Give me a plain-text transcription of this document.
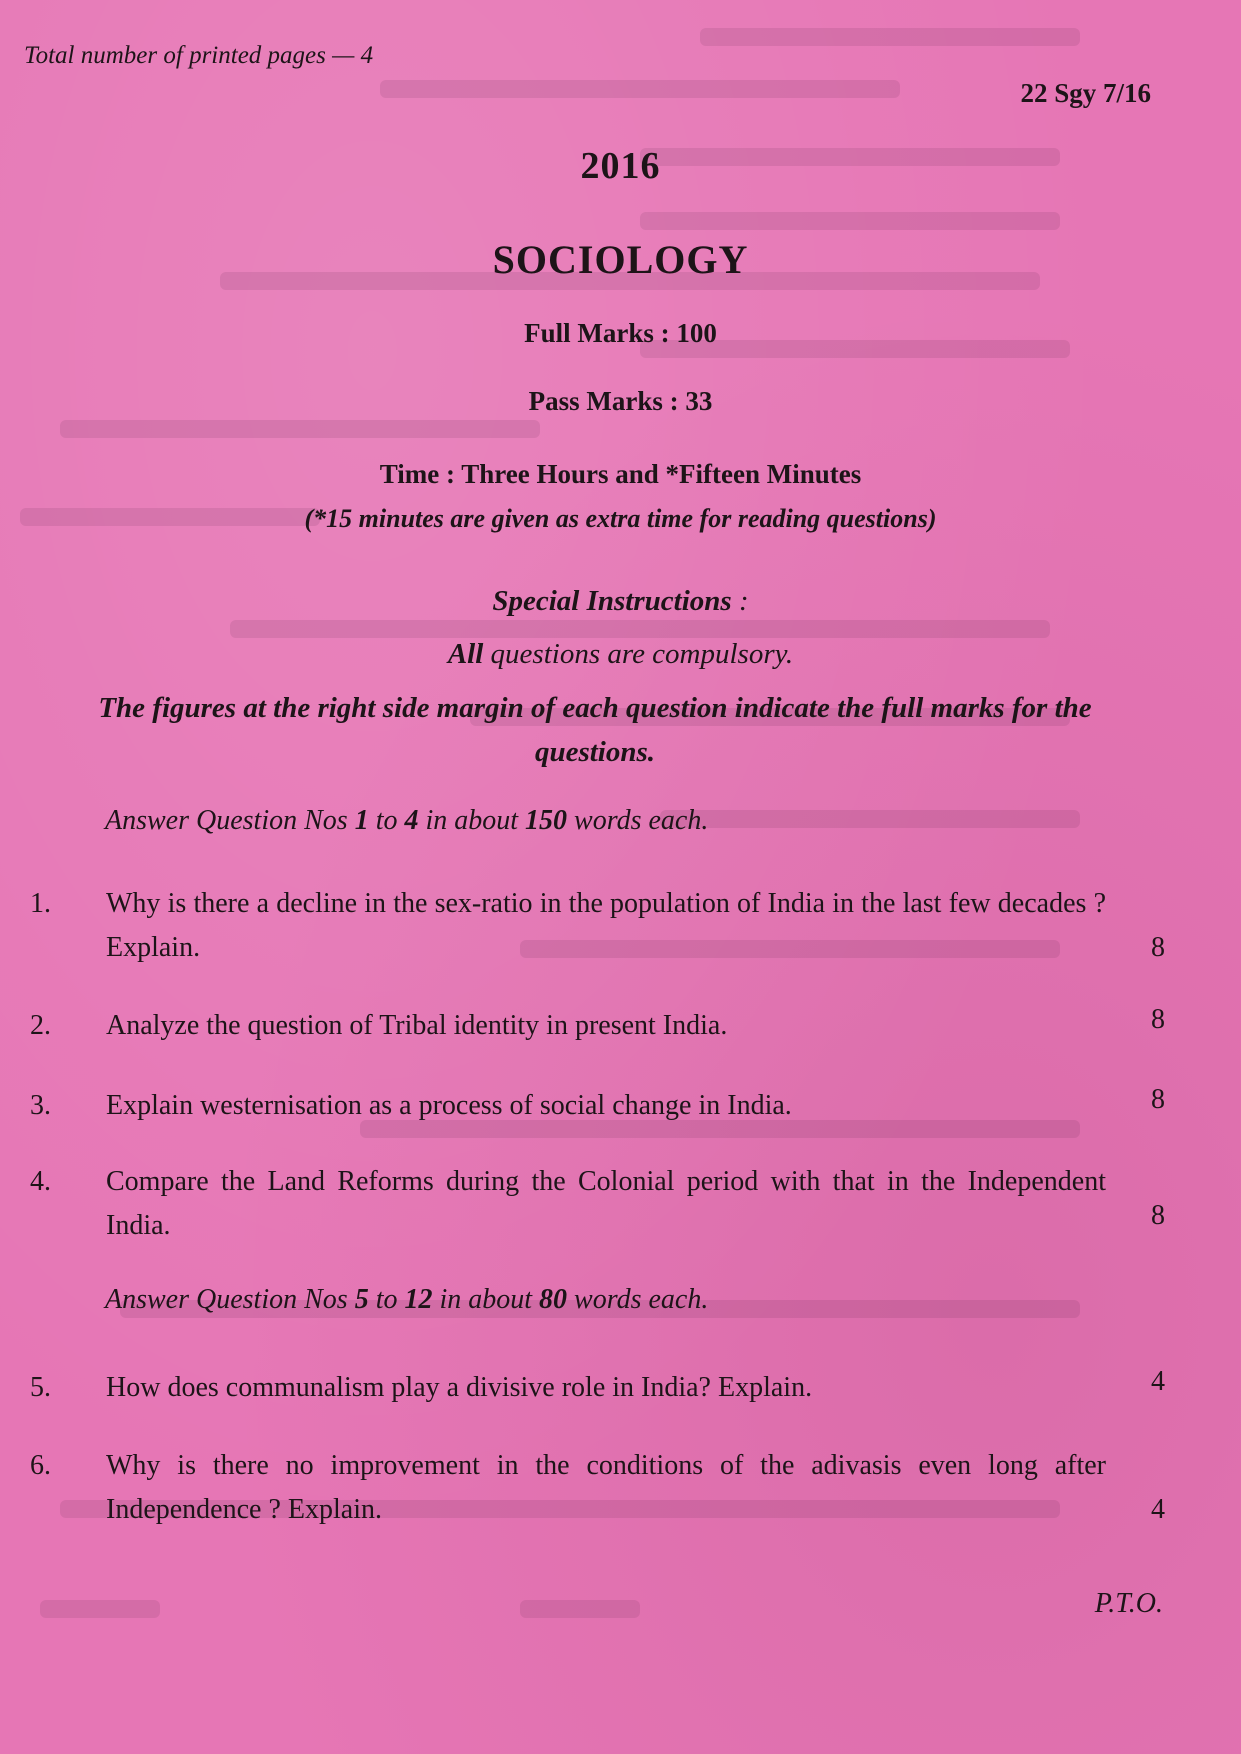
Total number of printed pages — 4
22 Sgy 7/16
2016
SOCIOLOGY
Full Marks : 100
Pass Marks : 33
Time : Three Hours and *Fifteen Minutes
(*15 minutes are given as extra time for reading questions)
Special Instructions :
All questions are compulsory.
The figures at the right side margin of each question indicate the full marks for the questions.
Answer Question Nos 1 to 4 in about 150 words each.
1.	Why is there a decline in the sex-ratio in the population of India in the last few decades ? Explain.	8
2.	Analyze the question of Tribal identity in present India.	8
3.	Explain westernisation as a process of social change in India.	8
4.	Compare the Land Reforms during the Colonial period with that in the Independent India.	8
Answer Question Nos 5 to 12 in about 80 words each.
5.	How does communalism play a divisive role in India? Explain.	4
6.	Why is there no improvement in the conditions of the adivasis even long after Independence ? Explain.	4
P.T.O.
